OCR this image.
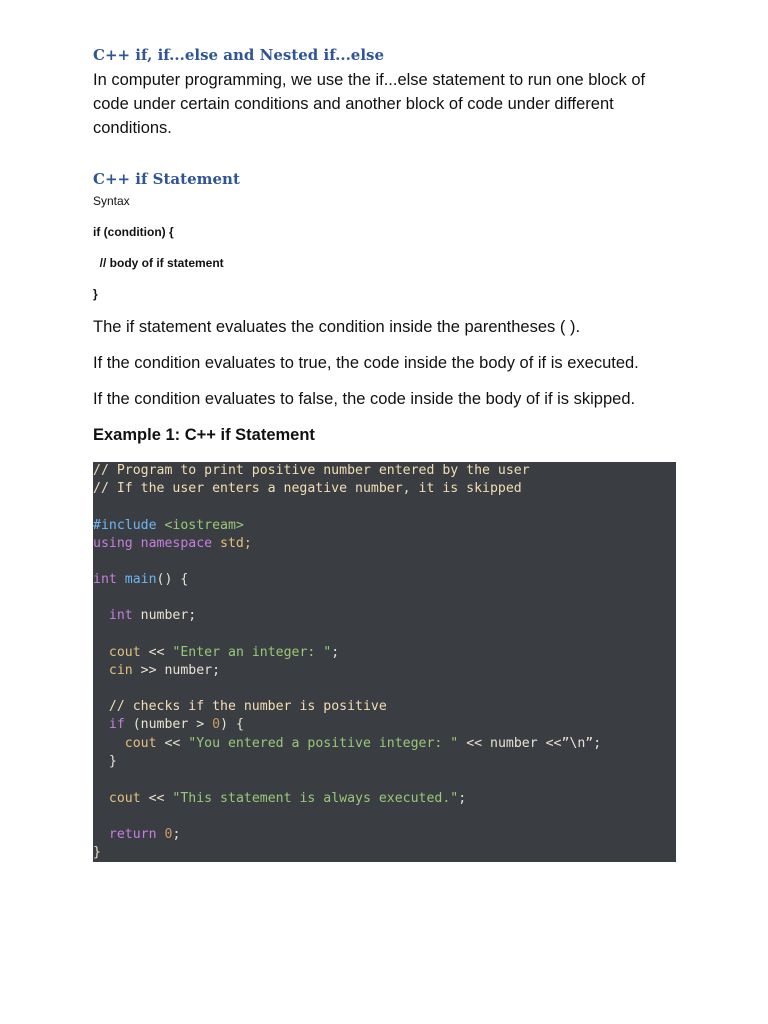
C++ if, if...else and Nested if...else

In computer programming, we use the if...else statement to run one block of code under certain conditions and another block of code under different conditions.

C++ if Statement
Syntax
if (condition) {
// body of if statement
}

The if statement evaluates the condition inside the parentheses ( ).

If the condition evaluates to true, the code inside the body of if is executed.

If the condition evaluates to false, the code inside the body of if is skipped.

Example 1: C++ if Statement
// Program to print positive number entered by the user
// If the user enters a negative number, it is skipped
#include <iostream>
using namespace std;
int main() {
int number;
cout << "Enter an integer: ";
cin >> number;
// checks if the number is positive
if (number > 0) {
cout << "You entered a positive integer: " << number <<”\n”;
}
cout << "This statement is always executed.";
return 0;
}
